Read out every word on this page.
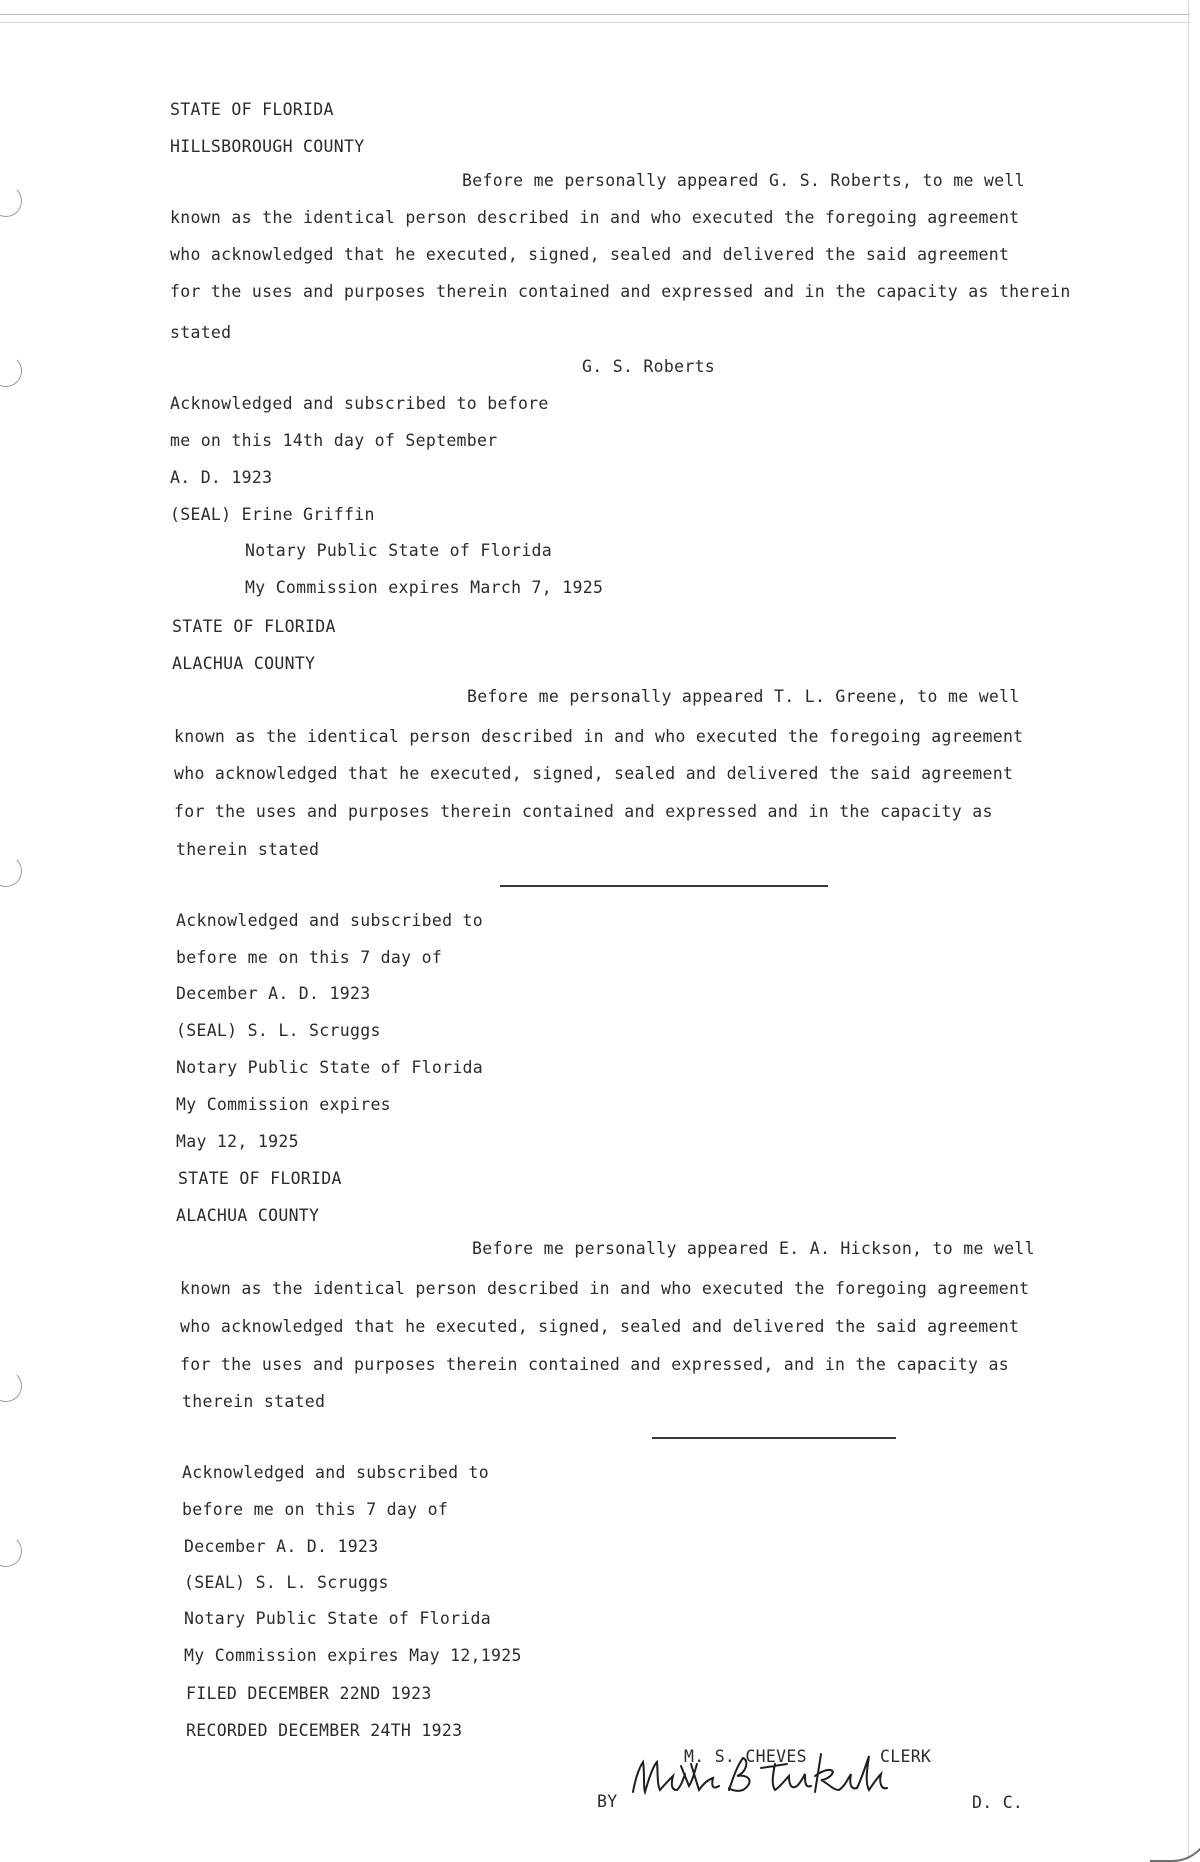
STATE OF FLORIDA
HILLSBOROUGH COUNTY
Before me personally appeared G. S. Roberts, to me well
known as the identical person described in and who executed the foregoing agreement
who acknowledged that he executed, signed, sealed and delivered the said agreement
for the uses and purposes therein contained and expressed and in the capacity as therein
stated
G. S. Roberts
Acknowledged and subscribed to before
me on this 14th day of September
A. D. 1923
(SEAL) Erine Griffin
Notary Public State of Florida
My Commission expires March 7, 1925
STATE OF FLORIDA
ALACHUA COUNTY
Before me personally appeared T. L. Greene, to me well
known as the identical person described in and who executed the foregoing agreement
who acknowledged that he executed, signed, sealed and delivered the said agreement
for the uses and purposes therein contained and expressed and in the capacity as
therein stated
Acknowledged and subscribed to
before me on this 7 day of
December A. D. 1923
(SEAL) S. L. Scruggs
Notary Public State of Florida
My Commission expires
May 12, 1925
STATE OF FLORIDA
ALACHUA COUNTY
Before me personally appeared E. A. Hickson, to me well
known as the identical person described in and who executed the foregoing agreement
who acknowledged that he executed, signed, sealed and delivered the said agreement
for the uses and purposes therein contained and expressed, and in the capacity as
therein stated
Acknowledged and subscribed to
before me on this 7 day of
December A. D. 1923
(SEAL) S. L. Scruggs
Notary Public State of Florida
My Commission expires May 12,1925
FILED DECEMBER 22ND 1923
RECORDED DECEMBER 24TH 1923
M. S. CHEVES	CLERK
BY	D. C.
